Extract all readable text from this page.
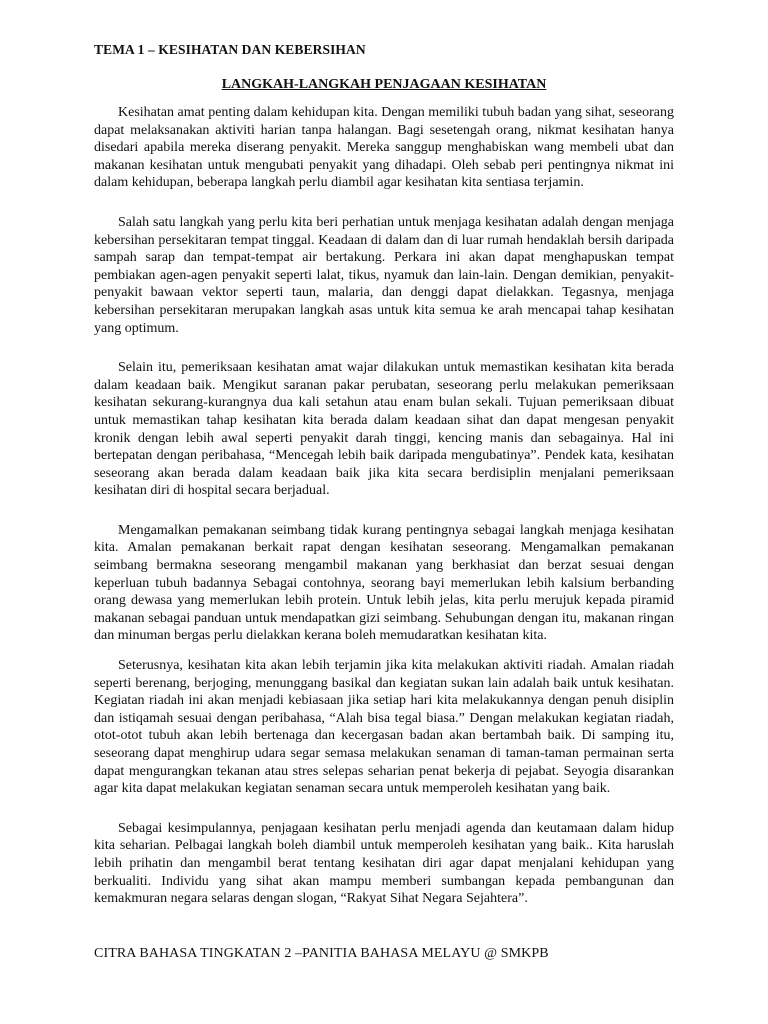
TEMA 1 – KESIHATAN DAN KEBERSIHAN
LANGKAH-LANGKAH PENJAGAAN KESIHATAN

Kesihatan amat penting dalam kehidupan kita. Dengan memiliki tubuh badan yang sihat, seseorang dapat melaksanakan aktiviti harian tanpa halangan. Bagi sesetengah orang, nikmat kesihatan hanya disedari apabila mereka diserang penyakit. Mereka sanggup menghabiskan wang membeli ubat dan makanan kesihatan untuk mengubati penyakit yang dihadapi. Oleh sebab peri pentingnya nikmat ini dalam kehidupan, beberapa langkah perlu diambil agar kesihatan kita sentiasa terjamin.

Salah satu langkah yang perlu kita beri perhatian untuk menjaga kesihatan adalah dengan menjaga kebersihan persekitaran tempat tinggal. Keadaan di dalam dan di luar rumah hendaklah bersih daripada sampah sarap dan tempat-tempat air bertakung. Perkara ini akan dapat menghapuskan tempat pembiakan agen-agen penyakit seperti lalat, tikus, nyamuk dan lain-lain. Dengan demikian, penyakit-penyakit bawaan vektor seperti taun, malaria, dan denggi dapat dielakkan. Tegasnya, menjaga kebersihan persekitaran merupakan langkah asas untuk kita semua ke arah mencapai tahap kesihatan yang optimum.

Selain itu, pemeriksaan kesihatan amat wajar dilakukan untuk memastikan kesihatan kita berada dalam keadaan baik. Mengikut saranan pakar perubatan, seseorang perlu melakukan pemeriksaan kesihatan sekurang-kurangnya dua kali setahun atau enam bulan sekali. Tujuan pemeriksaan dibuat untuk memastikan tahap kesihatan kita berada dalam keadaan sihat dan dapat mengesan penyakit kronik dengan lebih awal seperti penyakit darah tinggi, kencing manis dan sebagainya. Hal ini bertepatan dengan peribahasa, “Mencegah lebih baik daripada mengubatinya”. Pendek kata, kesihatan seseorang akan berada dalam keadaan baik jika kita secara berdisiplin menjalani pemeriksaan kesihatan diri di hospital secara berjadual.

Mengamalkan pemakanan seimbang tidak kurang pentingnya sebagai langkah menjaga kesihatan kita. Amalan pemakanan berkait rapat dengan kesihatan seseorang. Mengamalkan pemakanan seimbang bermakna seseorang mengambil makanan yang berkhasiat dan berzat sesuai dengan keperluan tubuh badannya Sebagai contohnya, seorang bayi memerlukan lebih kalsium berbanding orang dewasa yang memerlukan lebih protein. Untuk lebih jelas, kita perlu merujuk kepada piramid makanan sebagai panduan untuk mendapatkan gizi seimbang. Sehubungan dengan itu, makanan ringan dan minuman bergas perlu dielakkan kerana boleh memudaratkan kesihatan kita.

Seterusnya, kesihatan kita akan lebih terjamin jika kita melakukan aktiviti riadah. Amalan riadah seperti berenang, berjoging, menunggang basikal dan kegiatan sukan lain adalah baik untuk kesihatan. Kegiatan riadah ini akan menjadi kebiasaan jika setiap hari kita melakukannya dengan penuh disiplin dan istiqamah sesuai dengan peribahasa, “Alah bisa tegal biasa.” Dengan melakukan kegiatan riadah, otot-otot tubuh akan lebih bertenaga dan kecergasan badan akan bertambah baik. Di samping itu, seseorang dapat menghirup udara segar semasa melakukan senaman di taman-taman permainan serta dapat mengurangkan tekanan atau stres selepas seharian penat bekerja di pejabat. Seyogia disarankan agar kita dapat melakukan kegiatan senaman secara untuk memperoleh kesihatan yang baik.

Sebagai kesimpulannya, penjagaan kesihatan perlu menjadi agenda dan keutamaan dalam hidup kita seharian. Pelbagai langkah boleh diambil untuk memperoleh kesihatan yang baik.. Kita haruslah lebih prihatin dan mengambil berat tentang kesihatan diri agar dapat menjalani kehidupan yang berkualiti. Individu yang sihat akan mampu memberi sumbangan kepada pembangunan dan kemakmuran negara selaras dengan slogan, “Rakyat Sihat Negara Sejahtera”.

CITRA BAHASA TINGKATAN 2 –PANITIA BAHASA MELAYU @ SMKPB
